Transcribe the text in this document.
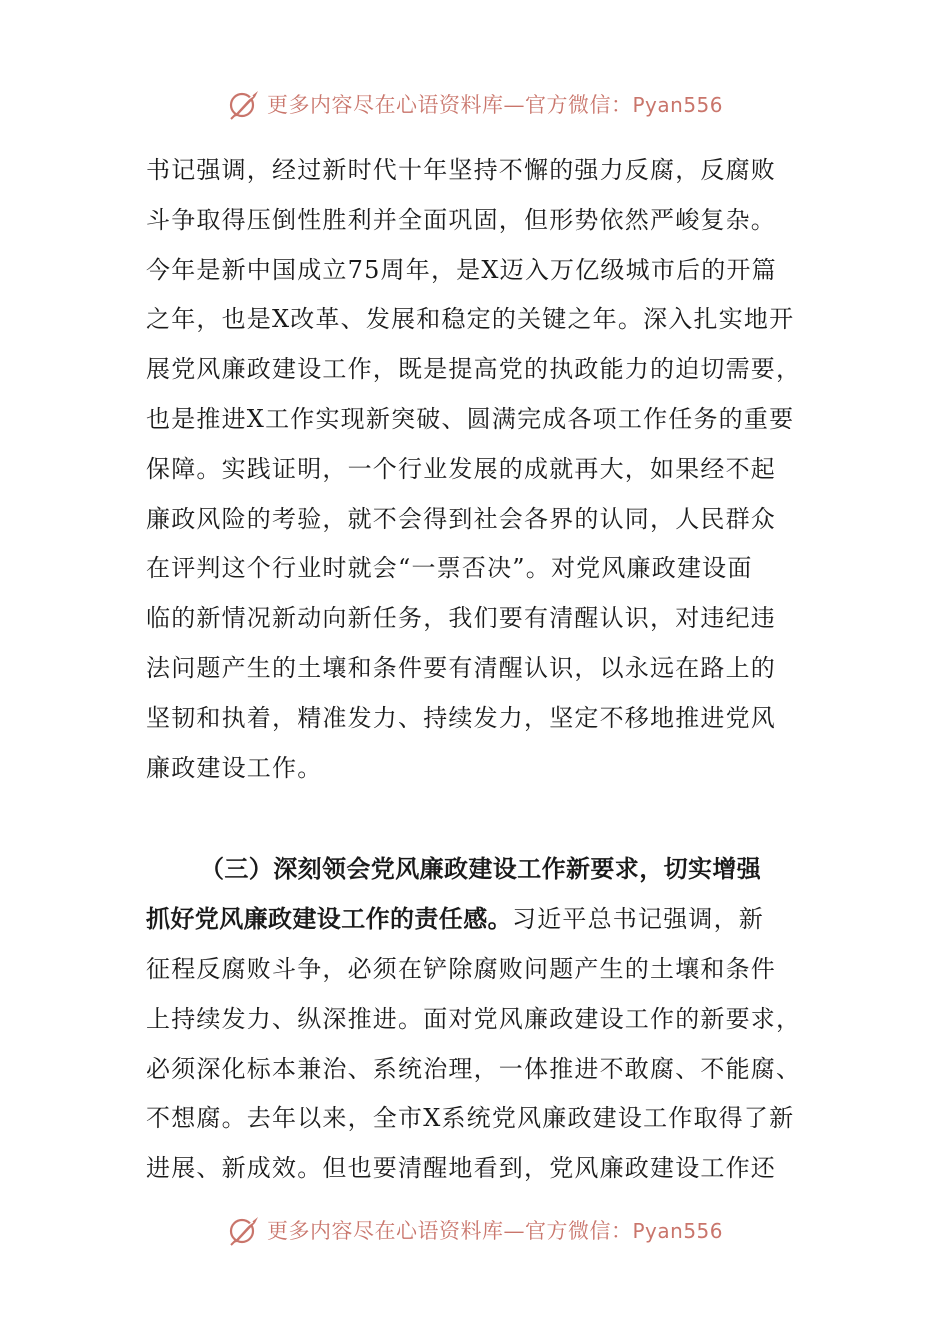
更多内容尽在心语资料库—官方微信：Pyan556
书记强调，经过新时代十年坚持不懈的强力反腐，反腐败
斗争取得压倒性胜利并全面巩固，但形势依然严峻复杂。
今年是新中国成立75周年，是X迈入万亿级城市后的开篇
之年，也是X改革、发展和稳定的关键之年。深入扎实地开
展党风廉政建设工作，既是提高党的执政能力的迫切需要，
也是推进X工作实现新突破、圆满完成各项工作任务的重要
保障。实践证明，一个行业发展的成就再大，如果经不起
廉政风险的考验，就不会得到社会各界的认同，人民群众
在评判这个行业时就会“一票否决”。对党风廉政建设面
临的新情况新动向新任务，我们要有清醒认识，对违纪违
法问题产生的土壤和条件要有清醒认识，以永远在路上的
坚韧和执着，精准发力、持续发力，坚定不移地推进党风
廉政建设工作。
（三）深刻领会党风廉政建设工作新要求，切实增强
抓好党风廉政建设工作的责任感。习近平总书记强调，新
征程反腐败斗争，必须在铲除腐败问题产生的土壤和条件
上持续发力、纵深推进。面对党风廉政建设工作的新要求，
必须深化标本兼治、系统治理，一体推进不敢腐、不能腐、
不想腐。去年以来，全市X系统党风廉政建设工作取得了新
进展、新成效。但也要清醒地看到，党风廉政建设工作还
更多内容尽在心语资料库—官方微信：Pyan556
